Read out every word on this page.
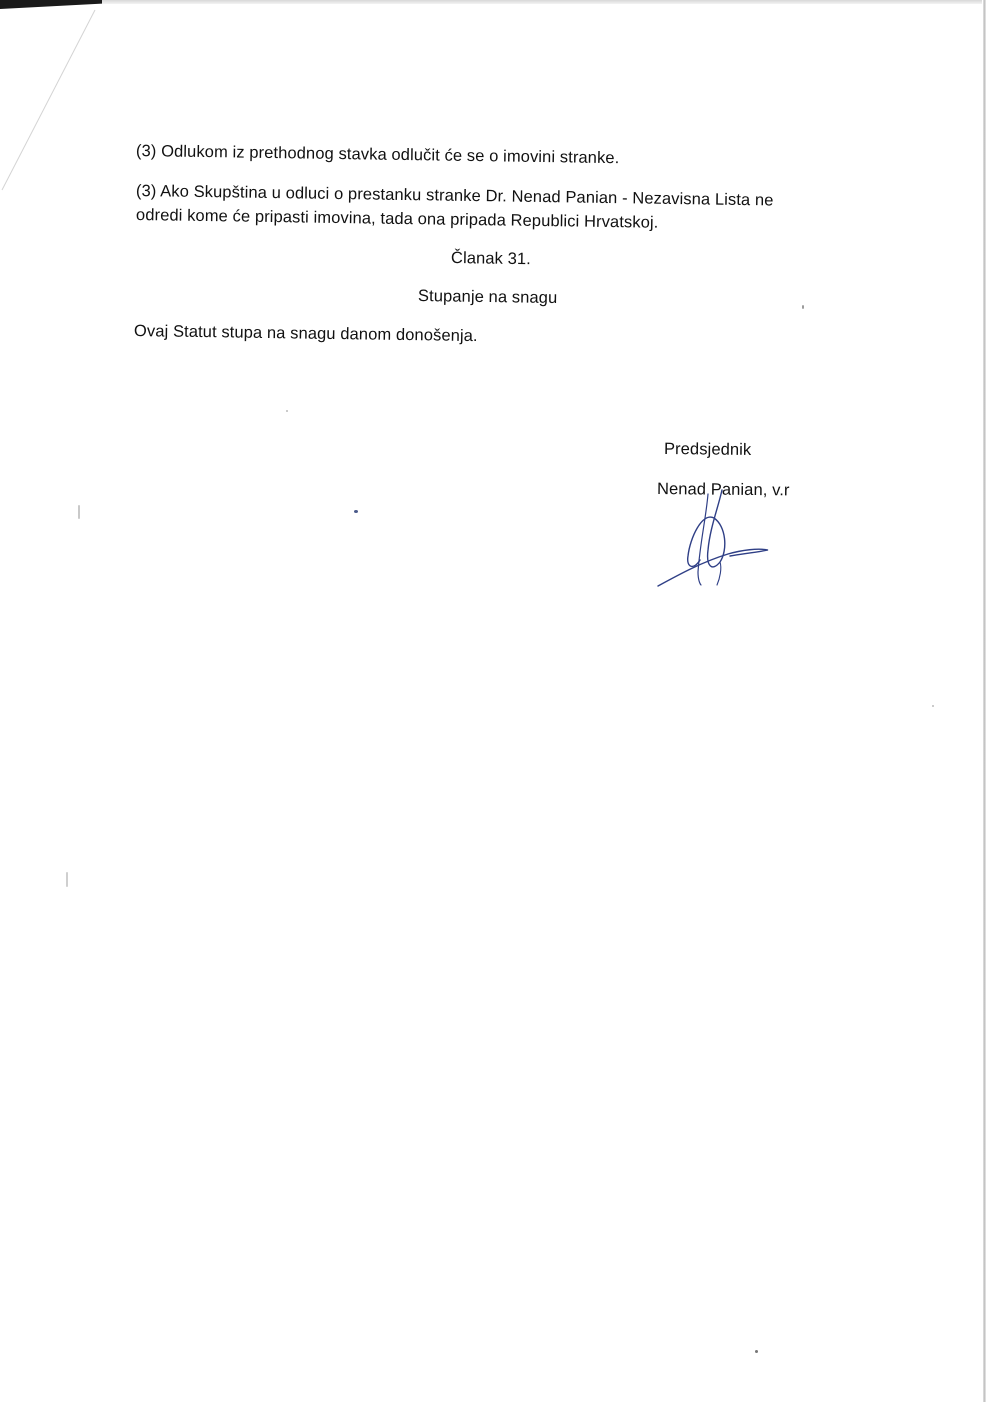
(3) Odlukom iz prethodnog stavka odlučit će se o imovini stranke.
(3) Ako Skupština u odluci o prestanku stranke Dr. Nenad Panian - Nezavisna Lista ne
odredi kome će pripasti imovina, tada ona pripada Republici Hrvatskoj.
Članak 31.
Stupanje na snagu
Ovaj Statut stupa na snagu danom donošenja.
Predsjednik
Nenad Panian, v.r
